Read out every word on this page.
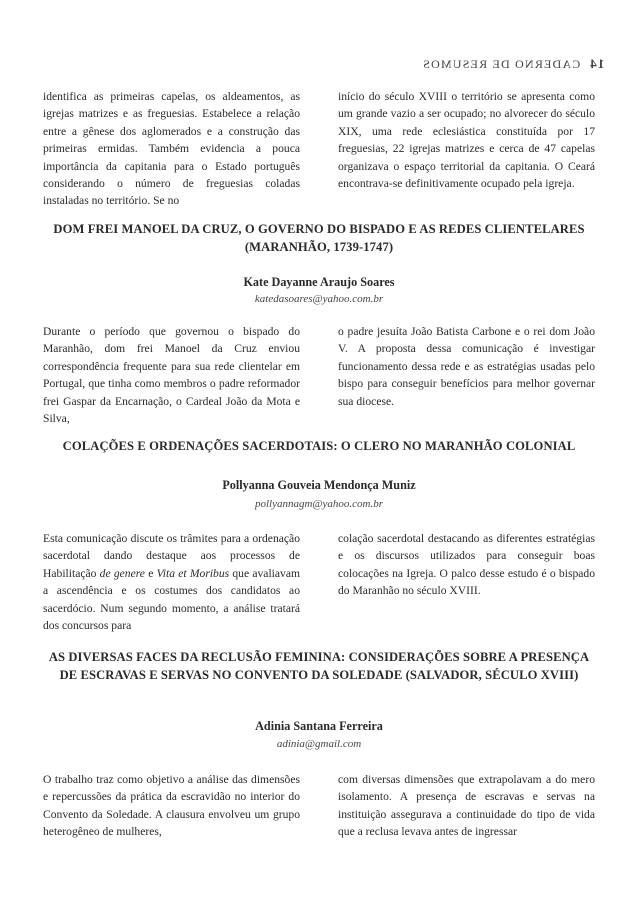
CADERNO DE RESUMOS 14
identifica as primeiras capelas, os aldeamentos, as igrejas matrizes e as freguesias. Estabelece a relação entre a gênese dos aglomerados e a construção das primeiras ermidas. Também evidencia a pouca importância da capitania para o Estado português considerando o número de freguesias coladas instaladas no território. Se no
início do século XVIII o território se apresenta como um grande vazio a ser ocupado; no alvorecer do século XIX, uma rede eclesiástica constituída por 17 freguesias, 22 igrejas matrizes e cerca de 47 capelas organizava o espaço territorial da capitania. O Ceará encontrava-se definitivamente ocupado pela igreja.
DOM FREI MANOEL DA CRUZ, O GOVERNO DO BISPADO E AS REDES CLIENTELARES (MARANHÃO, 1739-1747)
Kate Dayanne Araujo Soares
katedasoares@yahoo.com.br
Durante o período que governou o bispado do Maranhão, dom frei Manoel da Cruz enviou correspondência frequente para sua rede clientelar em Portugal, que tinha como membros o padre reformador frei Gaspar da Encarnação, o Cardeal João da Mota e Silva,
o padre jesuíta João Batista Carbone e o rei dom João V. A proposta dessa comunicação é investigar funcionamento dessa rede e as estratégias usadas pelo bispo para conseguir benefícios para melhor governar sua diocese.
COLAÇÕES E ORDENAÇÕES SACERDOTAIS: O CLERO NO MARANHÃO COLONIAL
Pollyanna Gouveia Mendonça Muniz
pollyannagm@yahoo.com.br
Esta comunicação discute os trâmites para a ordenação sacerdotal dando destaque aos processos de Habilitação de genere e Vita et Moribus que avaliavam a ascendência e os costumes dos candidatos ao sacerdócio. Num segundo momento, a análise tratará dos concursos para
colação sacerdotal destacando as diferentes estratégias e os discursos utilizados para conseguir boas colocações na Igreja. O palco desse estudo é o bispado do Maranhão no século XVIII.
AS DIVERSAS FACES DA RECLUSÃO FEMININA: CONSIDERAÇÕES SOBRE A PRESENÇA DE ESCRAVAS E SERVAS NO CONVENTO DA SOLEDADE (SALVADOR, SÉCULO XVIII)
Adinia Santana Ferreira
adinia@gmail.com
O trabalho traz como objetivo a análise das dimensões e repercussões da prática da escravidão no interior do Convento da Soledade. A clausura envolveu um grupo heterogêneo de mulheres,
com diversas dimensões que extrapolavam a do mero isolamento. A presença de escravas e servas na instituição assegurava a continuidade do tipo de vida que a reclusa levava antes de ingressar
